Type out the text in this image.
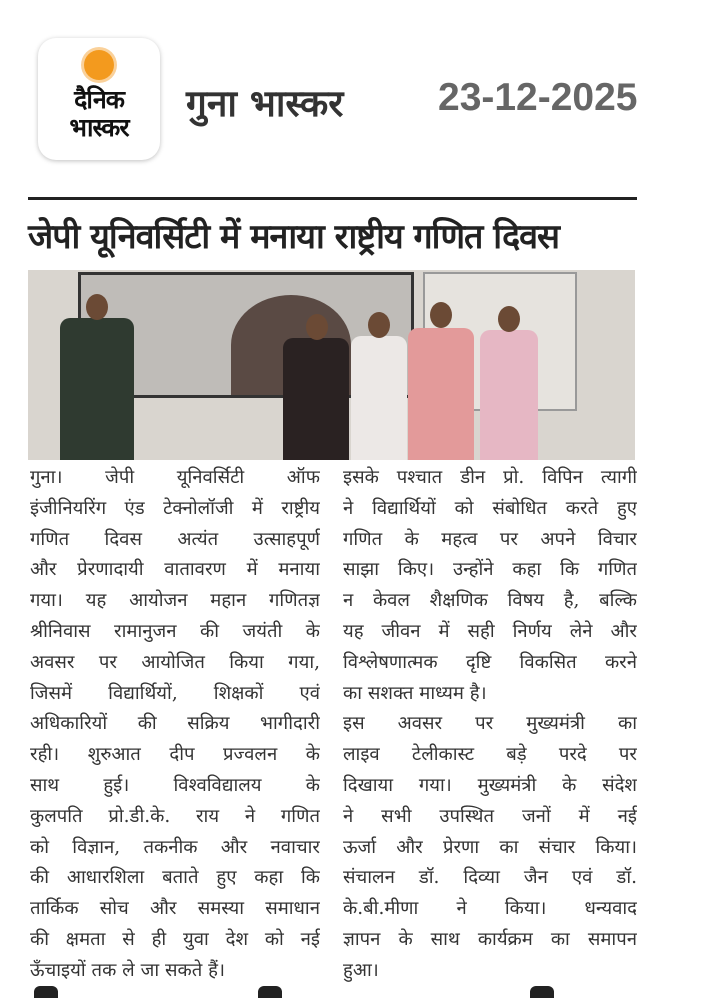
दैनिक
भास्कर
गुना भास्कर 23-12-2025
जेपी यूनिवर्सिटी में मनाया राष्ट्रीय गणित दिवस
गुना। जेपी यूनिवर्सिटी ऑफ
इंजीनियरिंग एंड टेक्नोलॉजी में राष्ट्रीय
गणित दिवस अत्यंत उत्साहपूर्ण
और प्रेरणादायी वातावरण में मनाया
गया। यह आयोजन महान गणितज्ञ
श्रीनिवास रामानुजन की जयंती के
अवसर पर आयोजित किया गया,
जिसमें विद्यार्थियों, शिक्षकों एवं
अधिकारियों की सक्रिय भागीदारी
रही। शुरुआत दीप प्रज्वलन के
साथ हुई। विश्वविद्यालय के
कुलपति प्रो.डी.के. राय ने गणित
को विज्ञान, तकनीक और नवाचार
की आधारशिला बताते हुए कहा कि
तार्किक सोच और समस्या समाधान
की क्षमता से ही युवा देश को नई
ऊँचाइयों तक ले जा सकते हैं।
इसके पश्चात डीन प्रो. विपिन त्यागी
ने विद्यार्थियों को संबोधित करते हुए
गणित के महत्व पर अपने विचार
साझा किए। उन्होंने कहा कि गणित
न केवल शैक्षणिक विषय है, बल्कि
यह जीवन में सही निर्णय लेने और
विश्लेषणात्मक दृष्टि विकसित करने
का सशक्त माध्यम है।
इस अवसर पर मुख्यमंत्री का
लाइव टेलीकास्ट बड़े परदे पर
दिखाया गया। मुख्यमंत्री के संदेश
ने सभी उपस्थित जनों में नई
ऊर्जा और प्रेरणा का संचार किया।
संचालन डॉ. दिव्या जैन एवं डॉ.
के.बी.मीणा ने किया। धन्यवाद
ज्ञापन के साथ कार्यक्रम का समापन
हुआ।
